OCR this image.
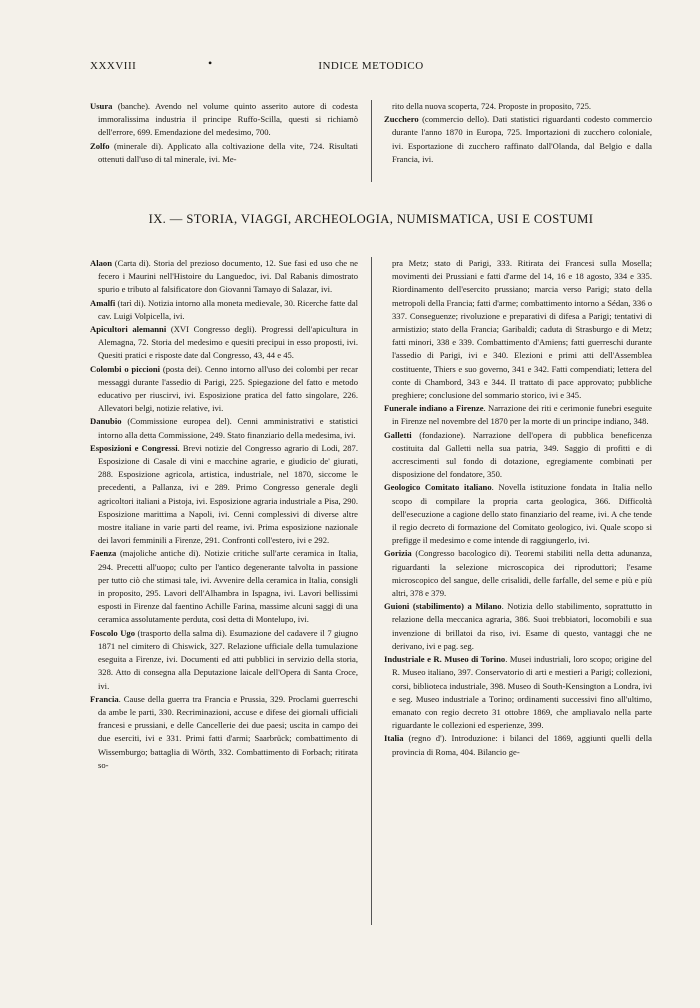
XXXVIII	•	INDICE METODICO

Usura (banche). Avendo nel volume quinto asserito autore di codesta immoralissima industria il principe Ruffo-Scilla, questi si richiamò dell'errore, 699. Emendazione del medesimo, 700.

Zolfo (minerale di). Applicato alla coltivazione della vite, 724. Risultati ottenuti dall'uso di tal minerale, ivi. Me-

rito della nuova scoperta, 724. Proposte in proposito, 725.

Zucchero (commercio dello). Dati statistici riguardanti codesto commercio durante l'anno 1870 in Europa, 725. Importazioni di zucchero coloniale, ivi. Esportazione di zucchero raffinato dall'Olanda, dal Belgio e dalla Francia, ivi.

IX. — STORIA, VIAGGI, ARCHEOLOGIA, NUMISMATICA, USI E COSTUMI

Alaon (Carta di). Storia del prezioso documento, 12. Sue fasi ed uso che ne fecero i Maurini nell'Histoire du Languedoc, ivi. Dal Rabanis dimostrato spurio e tributo al falsificatore don Giovanni Tamayo di Salazar, ivi.

Amalfi (tarì di). Notizia intorno alla moneta medievale, 30. Ricerche fatte dal cav. Luigi Volpicella, ivi.

Apicultori alemanni (XVI Congresso degli). Progressi dell'apicultura in Alemagna, 72. Storia del medesimo e quesiti precipui in esso proposti, ivi. Quesiti pratici e risposte date dal Congresso, 43, 44 e 45.

Colombi o piccioni (posta dei). Cenno intorno all'uso dei colombi per recar messaggi durante l'assedio di Parigi, 225. Spiegazione del fatto e metodo educativo per riuscirvi, ivi. Esposizione pratica del fatto singolare, 226. Allevatori belgi, notizie relative, ivi.

Danubio (Commissione europea del). Cenni amministrativi e statistici intorno alla detta Commissione, 249. Stato finanziario della medesima, ivi.

Esposizioni e Congressi. Brevi notizie del Congresso agrario di Lodi, 287. Esposizione di Casale di vini e macchine agrarie, e giudicio de' giurati, 288. Esposizione agricola, artistica, industriale, nel 1870, siccome le precedenti, a Pallanza, ivi e 289. Primo Congresso generale degli agricoltori italiani a Pistoja, ivi. Esposizione agraria industriale a Pisa, 290. Esposizione marittima a Napoli, ivi. Cenni complessivi di diverse altre mostre italiane in varie parti del reame, ivi. Prima esposizione nazionale dei lavori femminili a Firenze, 291. Confronti coll'estero, ivi e 292.

Faenza (majoliche antiche di). Notizie critiche sull'arte ceramica in Italia, 294. Precetti all'uopo; culto per l'antico degenerante talvolta in passione per tutto ciò che stimasi tale, ivi. Avvenire della ceramica in Italia, consigli in proposito, 295. Lavori dell'Alhambra in Ispagna, ivi. Lavori bellissimi esposti in Firenze dal faentino Achille Farina, massime alcuni saggi di una ceramica assolutamente perduta, così detta di Montelupo, ivi.

Foscolo Ugo (trasporto della salma di). Esumazione del cadavere il 7 giugno 1871 nel cimitero di Chiswick, 327. Relazione ufficiale della tumulazione eseguita a Firenze, ivi. Documenti ed atti pubblici in servizio della storia, 328. Atto di consegna alla Deputazione laicale dell'Opera di Santa Croce, ivi.

Francia. Cause della guerra tra Francia e Prussia, 329. Proclami guerreschi da ambe le parti, 330. Recriminazioni, accuse e difese dei giornali ufficiali francesi e prussiani, e delle Cancellerie dei due paesi; uscita in campo dei due eserciti, ivi e 331. Primi fatti d'armi; Saarbrück; combattimento di Wissemburgo; battaglia di Wörth, 332. Combattimento di Forbach; ritirata so-

pra Metz; stato di Parigi, 333. Ritirata dei Francesi sulla Mosella; movimenti dei Prussiani e fatti d'arme del 14, 16 e 18 agosto, 334 e 335. Riordinamento dell'esercito prussiano; marcia verso Parigi; stato della metropoli della Francia; fatti d'arme; combattimento intorno a Sédan, 336 o 337. Conseguenze; rivoluzione e preparativi di difesa a Parigi; tentativi di armistizio; stato della Francia; Garibaldi; caduta di Strasburgo e di Metz; fatti minori, 338 e 339. Combattimento d'Amiens; fatti guerreschi durante l'assedio di Parigi, ivi e 340. Elezioni e primi atti dell'Assemblea costituente, Thiers e suo governo, 341 e 342. Fatti compendiati; lettera del conte di Chambord, 343 e 344. Il trattato di pace approvato; pubbliche preghiere; conclusione del sommario storico, ivi e 345.

Funerale indiano a Firenze. Narrazione dei riti e cerimonie funebri eseguite in Firenze nel novembre del 1870 per la morte di un principe indiano, 348.

Galletti (fondazione). Narrazione dell'opera di pubblica beneficenza costituita dal Galletti nella sua patria, 349. Saggio di profitti e di accrescimenti sul fondo di dotazione, egregiamente combinati per disposizione del fondatore, 350.

Geologico Comitato italiano. Novella istituzione fondata in Italia nello scopo di compilare la propria carta geologica, 366. Difficoltà dell'esecuzione a cagione dello stato finanziario del reame, ivi. A che tende il regio decreto di formazione del Comitato geologico, ivi. Quale scopo si prefigge il medesimo e come intende di raggiungerlo, ivi.

Gorizia (Congresso bacologico di). Teoremi stabiliti nella detta adunanza, riguardanti la selezione microscopica dei riproduttori; l'esame microscopico del sangue, delle crisalidi, delle farfalle, del seme e più e più altri, 378 e 379.

Guioni (stabilimento) a Milano. Notizia dello stabilimento, soprattutto in relazione della meccanica agraria, 386. Suoi trebbiatori, locomobili e sua invenzione di brillatoi da riso, ivi. Esame di questo, vantaggi che ne derivano, ivi e pag. seg.

Industriale e R. Museo di Torino. Musei industriali, loro scopo; origine del R. Museo italiano, 397. Conservatorio di arti e mestieri a Parigi; collezioni, corsi, biblioteca industriale, 398. Museo di South-Kensington a Londra, ivi e seg. Museo industriale a Torino; ordinamenti successivi fino all'ultimo, emanato con regio decreto 31 ottobre 1869, che ampliavalo nella parte riguardante le collezioni ed esperienze, 399.

Italia (regno d'). Introduzione: i bilanci del 1869, aggiunti quelli della provincia di Roma, 404. Bilancio ge-
